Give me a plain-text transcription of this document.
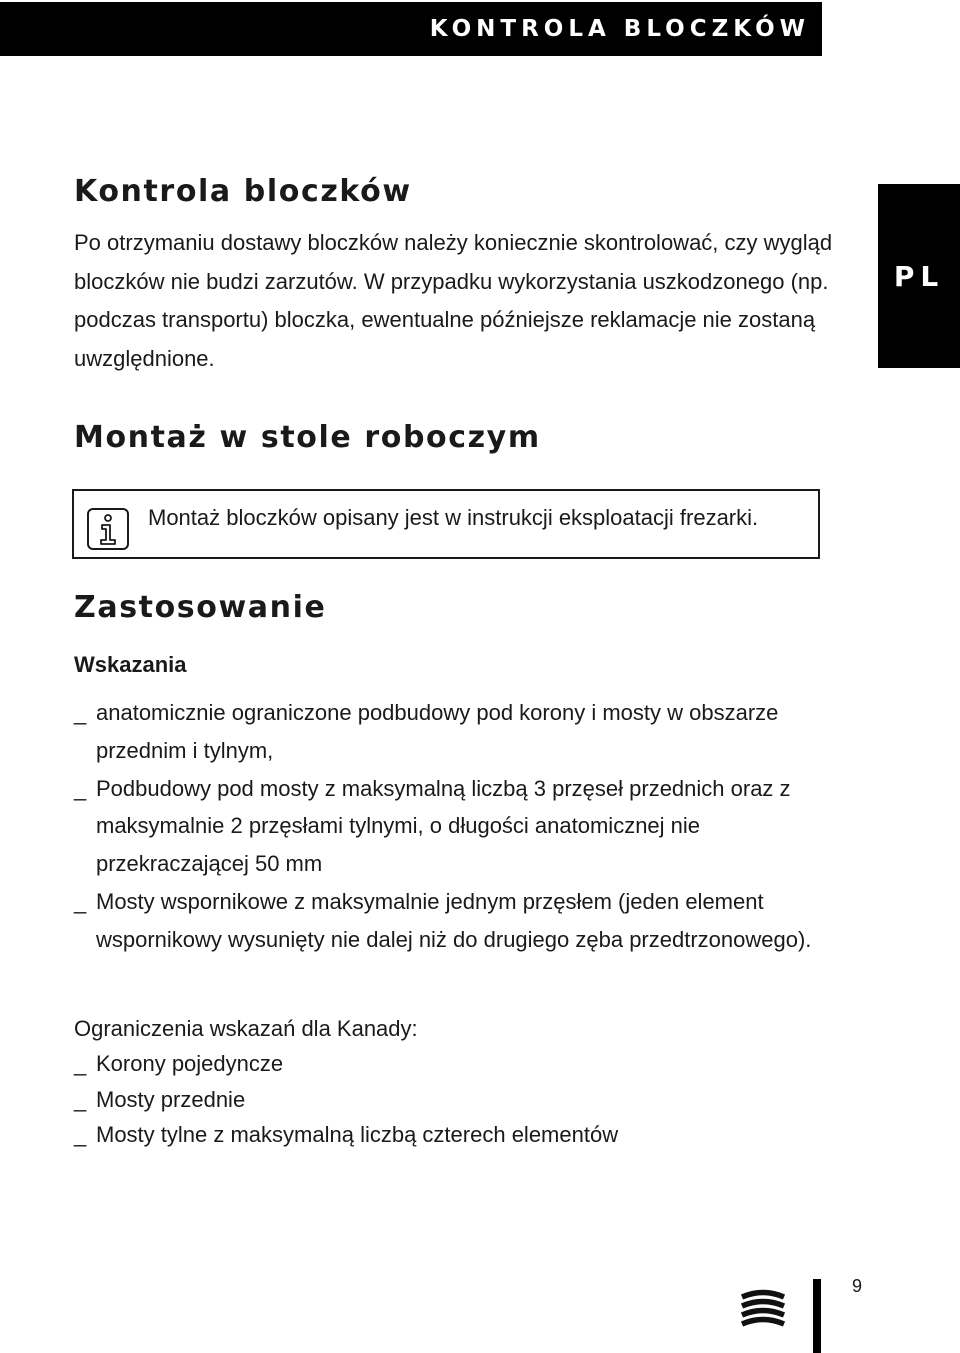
KONTROLA BLOCZKÓW
PL
Kontrola bloczków

Po otrzymaniu dostawy bloczków należy koniecznie skontrolować, czy wygląd bloczków nie budzi zarzutów. W przypadku wykorzystania uszkodzonego (np. podczas transportu) bloczka, ewentualne późniejsze reklamacje nie zostaną uwzględnione.

Montaż w stole roboczym
Montaż bloczków opisany jest w instrukcji eksploatacji frezarki.
Zastosowanie
Wskazania
_ anatomicznie ograniczone podbudowy pod korony i mosty w obszarze przednim i tylnym,
_ Podbudowy pod mosty z maksymalną liczbą 3 przęseł przednich oraz z maksymalnie 2 przęsłami tylnymi, o długości anatomicznej nie przekraczającej 50 mm
_ Mosty wspornikowe z maksymalnie jednym przęsłem (jeden element wspornikowy wysunięty nie dalej niż do drugiego zęba przedtrzonowego).
Ograniczenia wskazań dla Kanady:
_ Korony pojedyncze
_ Mosty przednie
_ Mosty tylne z maksymalną liczbą czterech elementów
9
